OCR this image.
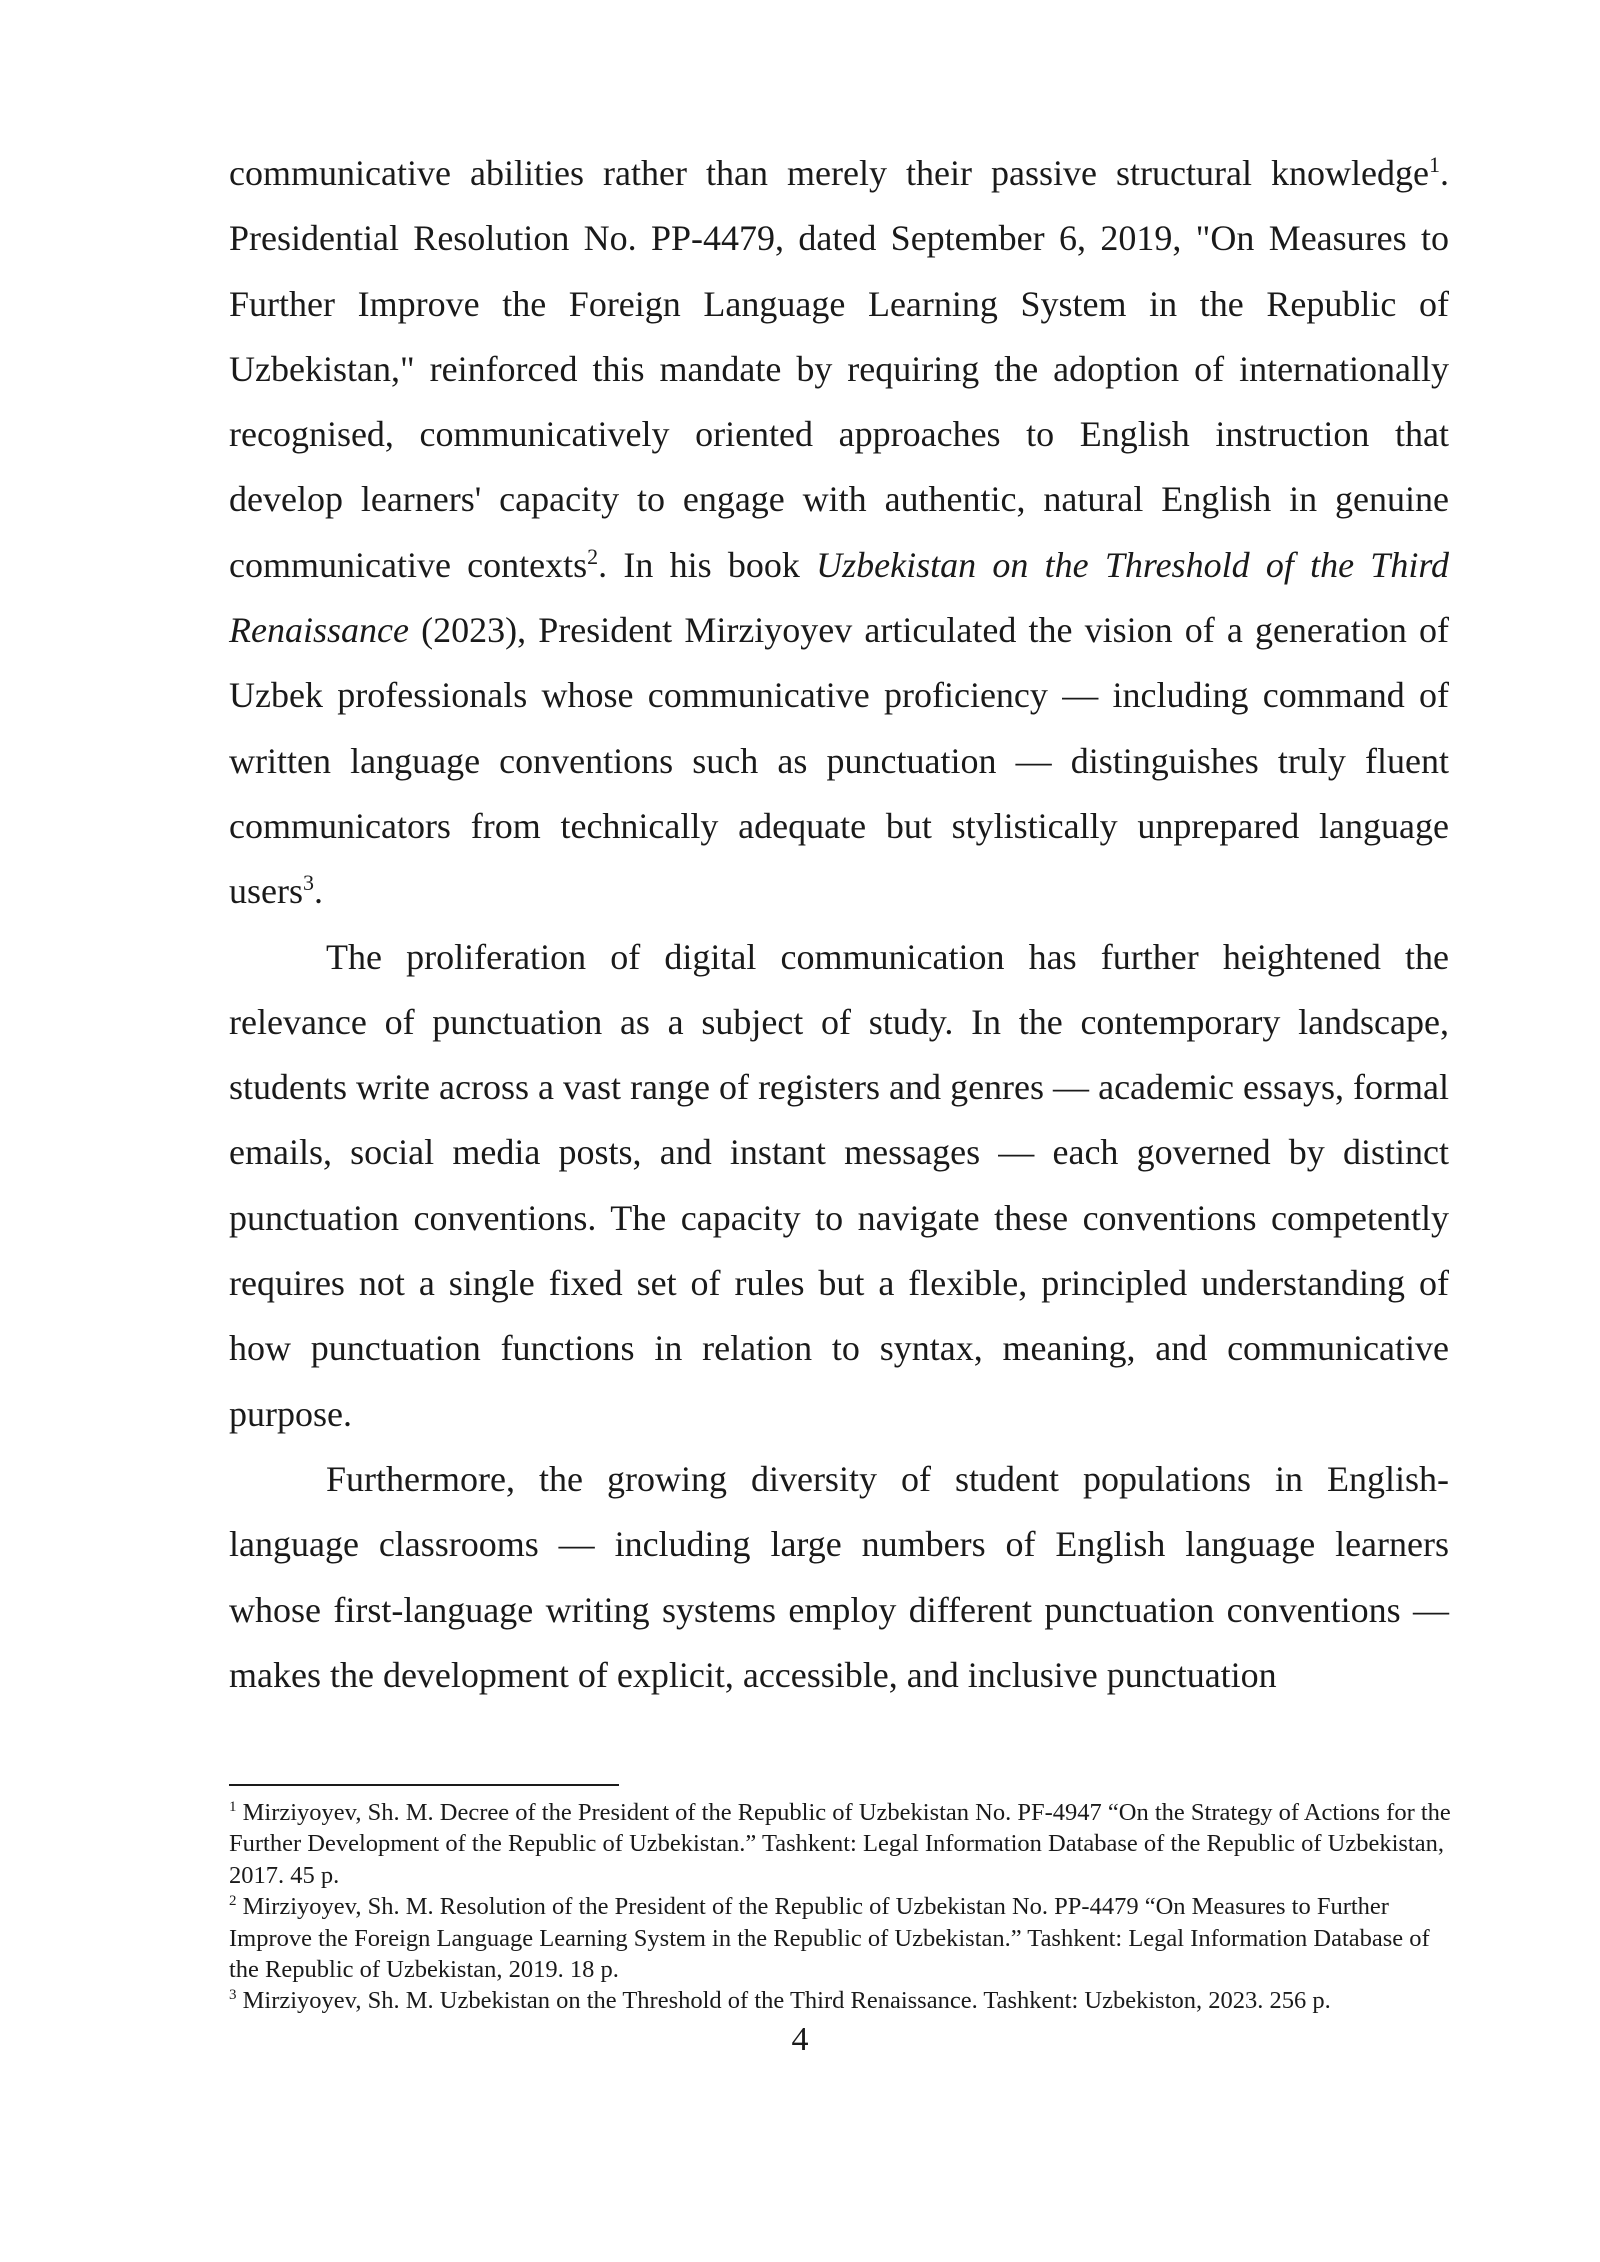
communicative abilities rather than merely their passive structural knowledge$^1$. Presidential Resolution No. PP-4479, dated September 6, 2019, "On Measures to Further Improve the Foreign Language Learning System in the Republic of Uzbekistan," reinforced this mandate by requiring the adoption of internationally recognised, communicatively oriented approaches to English instruction that develop learners' capacity to engage with authentic, natural English in genuine communicative contexts$^2$. In his book Uzbekistan on the Threshold of the Third Renaissance (2023), President Mirziyoyev articulated the vision of a generation of Uzbek professionals whose communicative proficiency — including command of written language conventions such as punctuation — distinguishes truly fluent communicators from technically adequate but stylistically unprepared language users$^3$.

The proliferation of digital communication has further heightened the relevance of punctuation as a subject of study. In the contemporary landscape, students write across a vast range of registers and genres — academic essays, formal emails, social media posts, and instant messages — each governed by distinct punctuation conventions. The capacity to navigate these conventions competently requires not a single fixed set of rules but a flexible, principled understanding of how punctuation functions in relation to syntax, meaning, and communicative purpose.

Furthermore, the growing diversity of student populations in English-language classrooms — including large numbers of English language learners whose first-language writing systems employ different punctuation conventions — makes the development of explicit, accessible, and inclusive punctuation

$^1$ Mirziyoyev, Sh. M. Decree of the President of the Republic of Uzbekistan No. PF-4947 “On the Strategy of Actions for the Further Development of the Republic of Uzbekistan.” Tashkent: Legal Information Database of the Republic of Uzbekistan, 2017. 45 p.

$^2$ Mirziyoyev, Sh. M. Resolution of the President of the Republic of Uzbekistan No. PP-4479 “On Measures to Further Improve the Foreign Language Learning System in the Republic of Uzbekistan.” Tashkent: Legal Information Database of the Republic of Uzbekistan, 2019. 18 p.

$^3$ Mirziyoyev, Sh. M. Uzbekistan on the Threshold of the Third Renaissance. Tashkent: Uzbekiston, 2023. 256 p.

4
